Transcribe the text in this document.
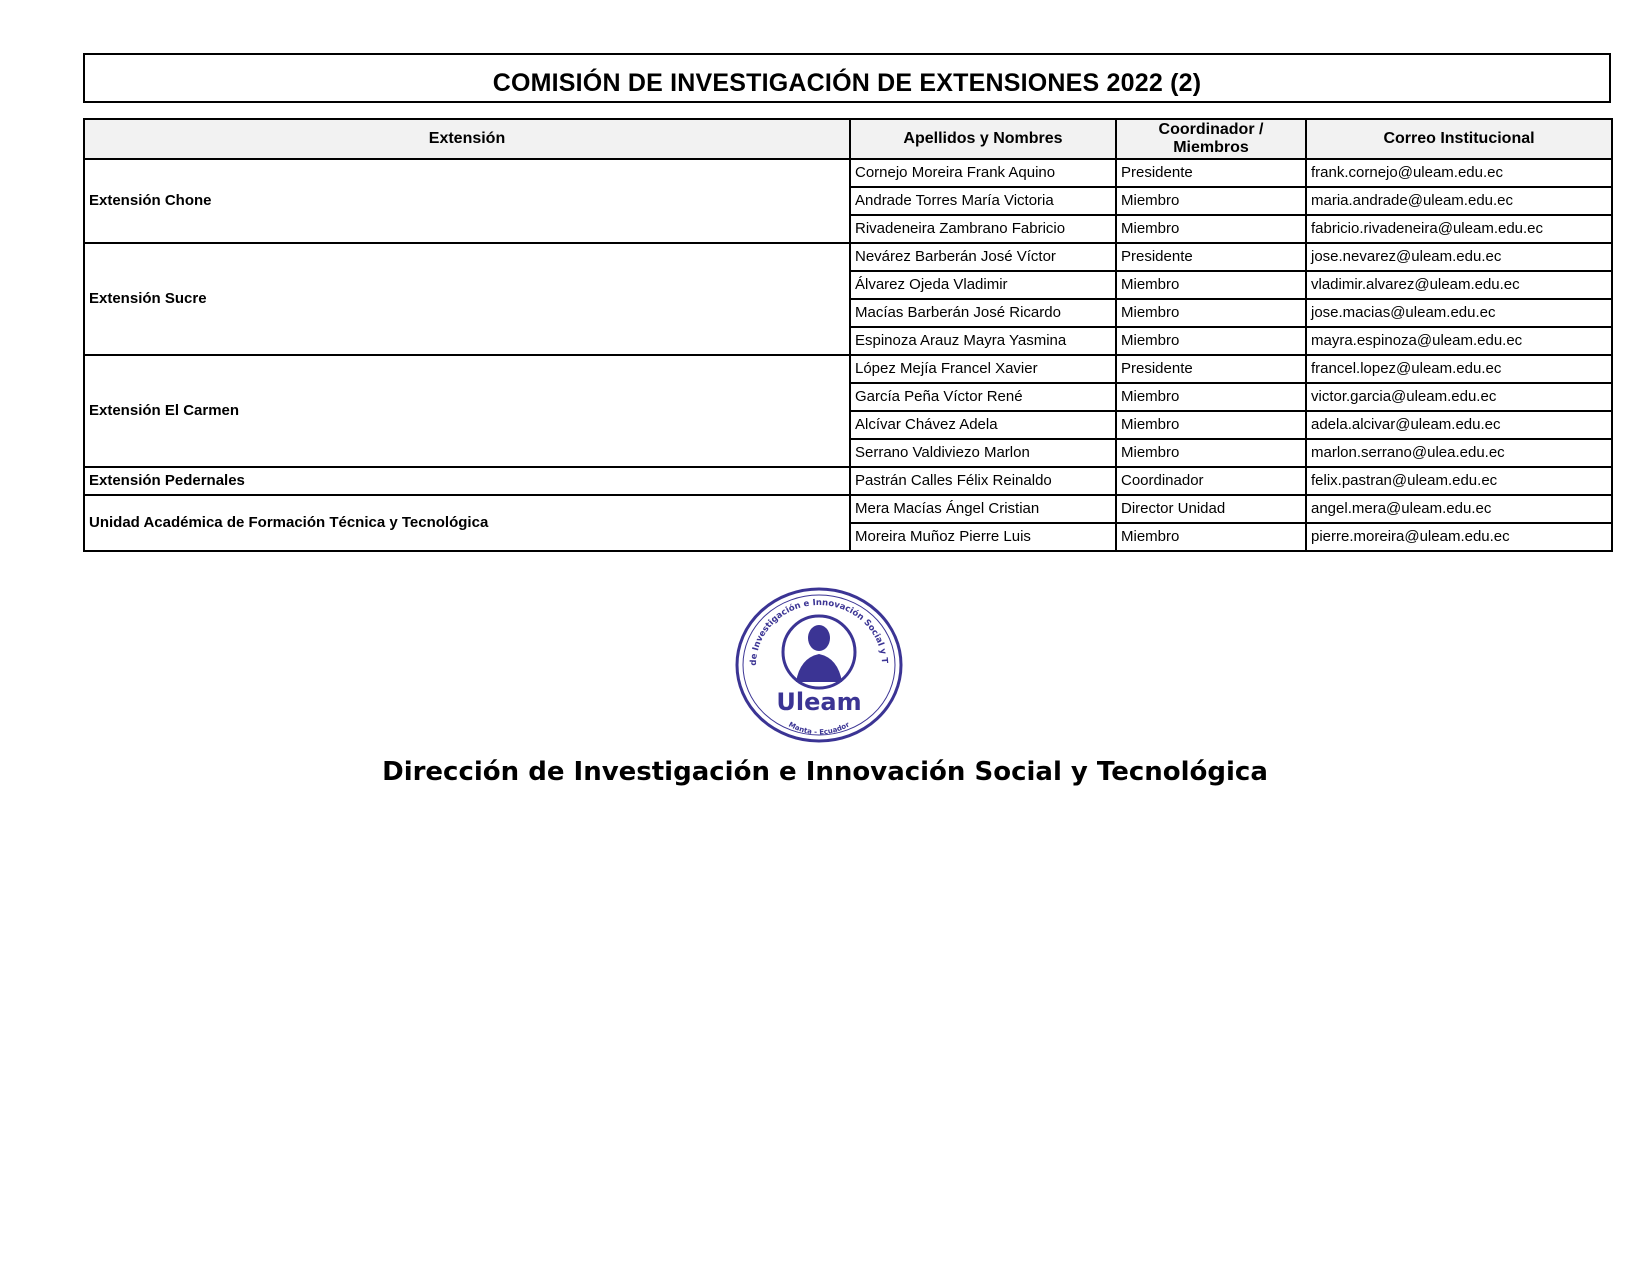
COMISIÓN DE INVESTIGACIÓN DE EXTENSIONES 2022 (2)
Extensión	Apellidos y Nombres	Coordinador / Miembros	Correo Institucional
Extensión Chone	Cornejo Moreira Frank Aquino	Presidente	frank.cornejo@uleam.edu.ec
	Andrade Torres María Victoria	Miembro	maria.andrade@uleam.edu.ec
	Rivadeneira Zambrano Fabricio	Miembro	fabricio.rivadeneira@uleam.edu.ec
Extensión Sucre	Nevárez Barberán José Víctor	Presidente	jose.nevarez@uleam.edu.ec
	Álvarez Ojeda Vladimir	Miembro	vladimir.alvarez@uleam.edu.ec
	Macías Barberán José Ricardo	Miembro	jose.macias@uleam.edu.ec
	Espinoza Arauz Mayra Yasmina	Miembro	mayra.espinoza@uleam.edu.ec
Extensión El Carmen	López Mejía Francel Xavier	Presidente	francel.lopez@uleam.edu.ec
	García Peña Víctor René	Miembro	victor.garcia@uleam.edu.ec
	Alcívar Chávez Adela	Miembro	adela.alcivar@uleam.edu.ec
	Serrano Valdiviezo Marlon	Miembro	marlon.serrano@ulea.edu.ec
Extensión Pedernales	Pastrán Calles Félix Reinaldo	Coordinador	felix.pastran@uleam.edu.ec
Unidad Académica de Formación Técnica y Tecnológica	Mera Macías Ángel Cristian	Director Unidad	angel.mera@uleam.edu.ec
	Moreira Muñoz Pierre Luis	Miembro	pierre.moreira@uleam.edu.ec
de Investigación e Innovación Social y T
Uleam
Manta - Ecuador
Dirección de Investigación e Innovación Social y Tecnológica
